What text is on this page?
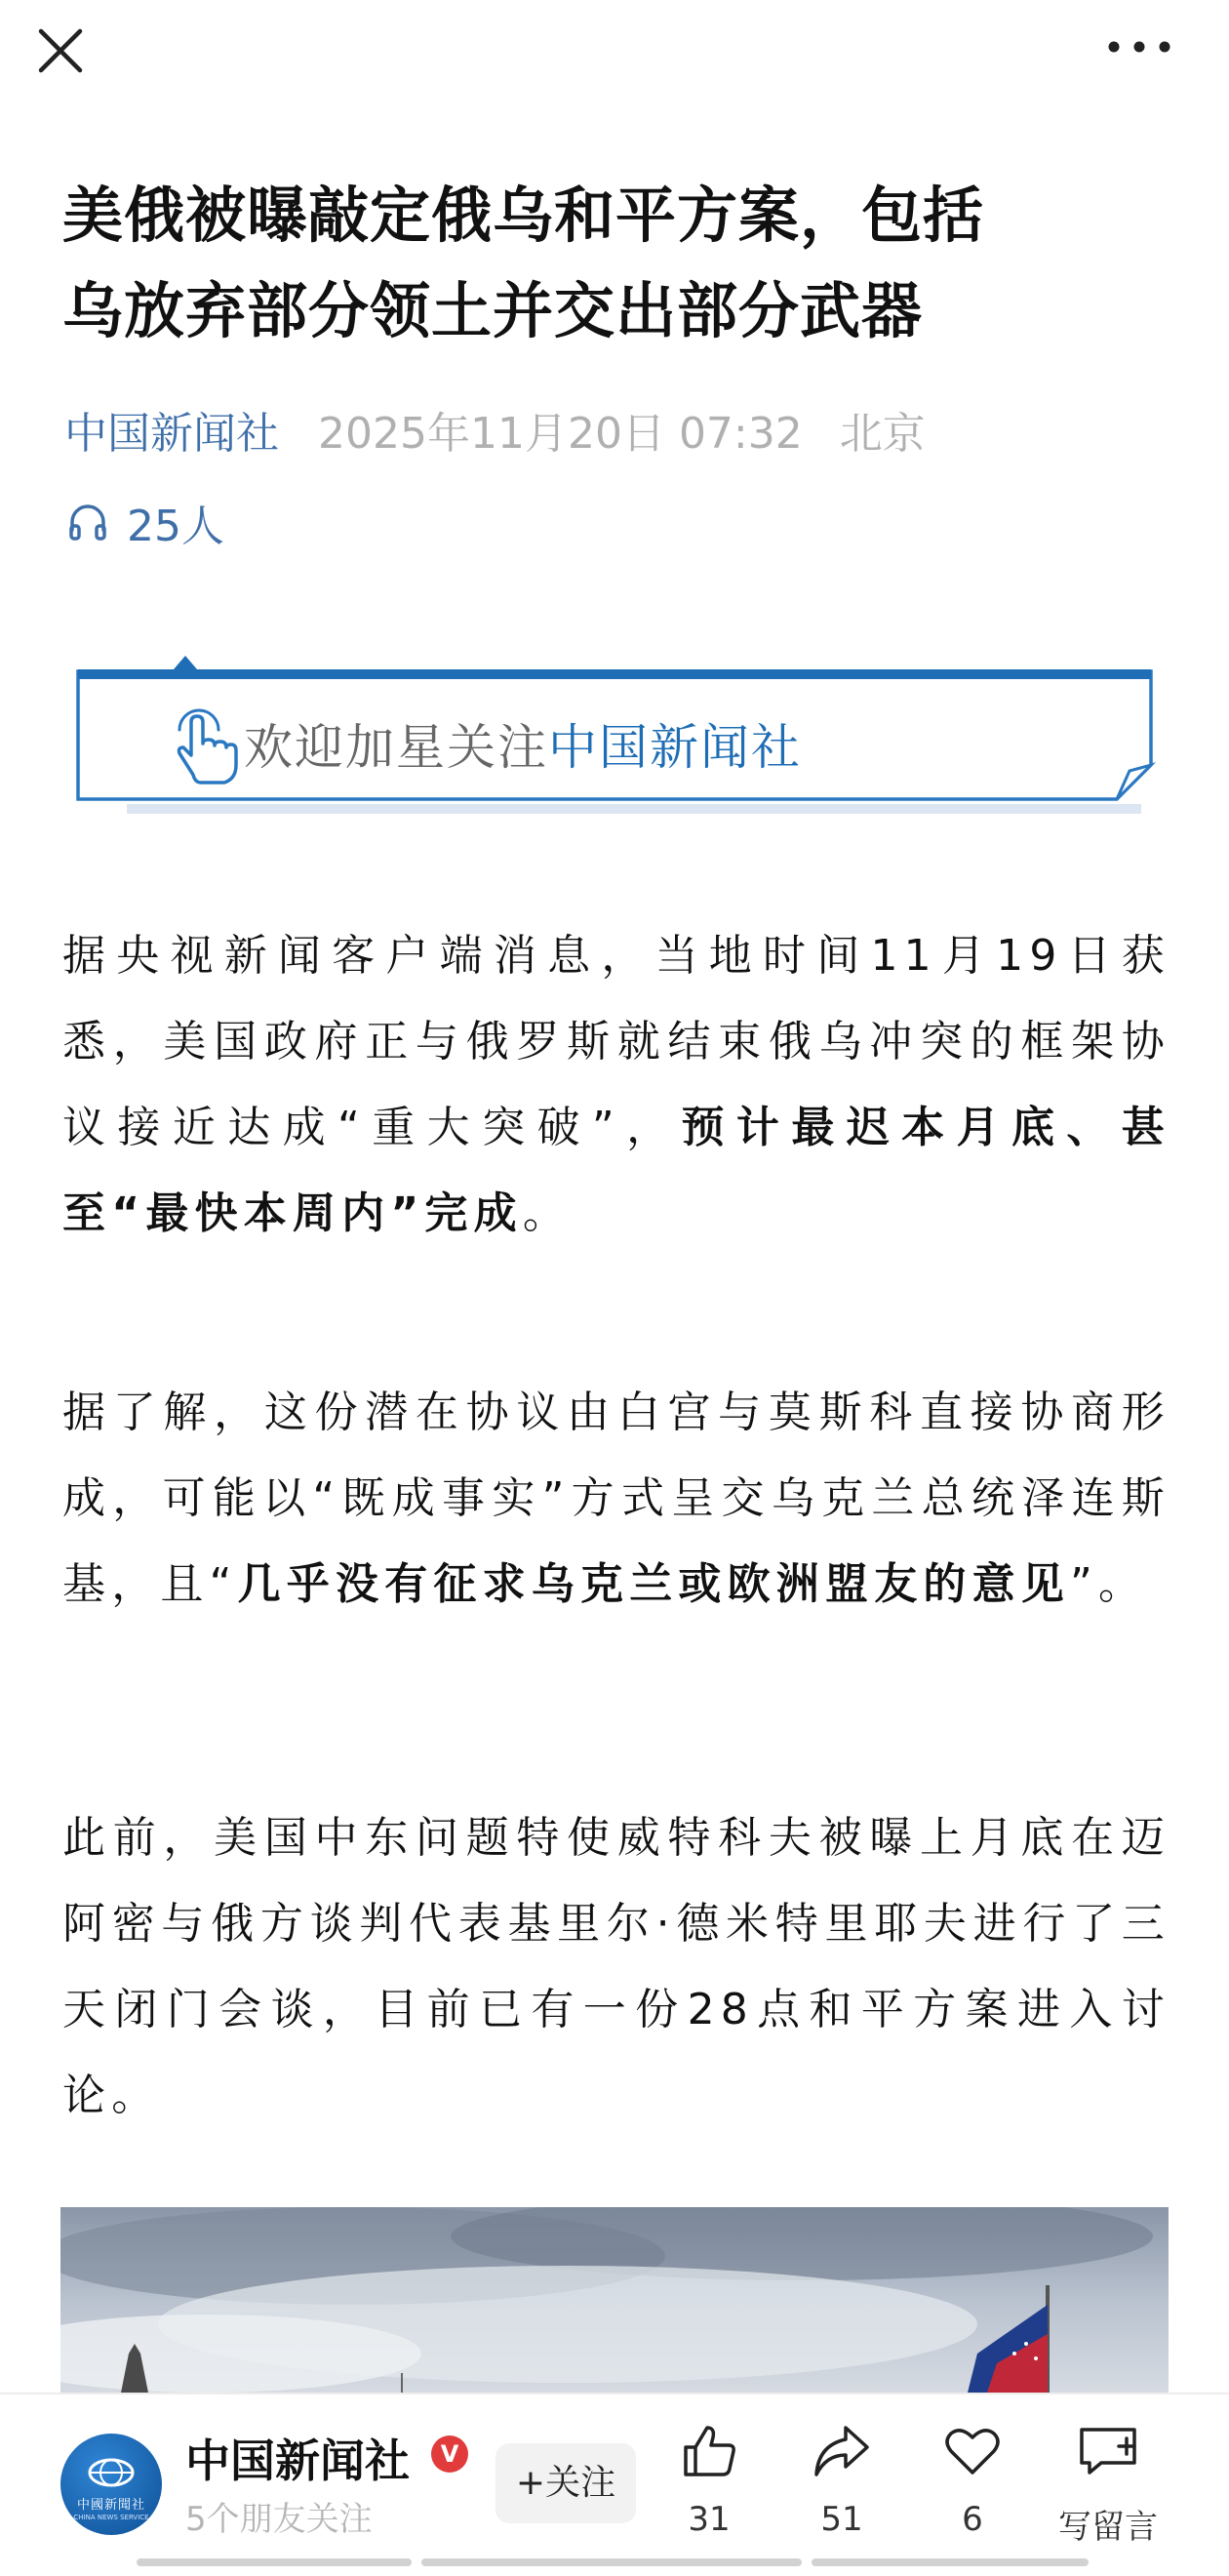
美俄被曝敲定俄乌和平方案，包括
乌放弃部分领土并交出部分武器
中国新闻社 2025年11月20日 07:32 北京
25人
欢迎加星关注中国新闻社

据央视新闻客户端消息，当地时间11月19日获悉，美国政府正与俄罗斯就结束俄乌冲突的框架协议接近达成“重大突破”，预计最迟本月底、甚至“最快本周内”完成。

据了解，这份潜在协议由白宫与莫斯科直接协商形成，可能以“既成事实”方式呈交乌克兰总统泽连斯基，且“几乎没有征求乌克兰或欧洲盟友的意见”。

此前，美国中东问题特使威特科夫被曝上月底在迈阿密与俄方谈判代表基里尔·德米特里耶夫进行了三天闭门会谈，目前已有一份28点和平方案进入讨论。

中國新聞社
CHINA NEWS SERVICE
中国新闻社	V
5个朋友关注
+关注
31	51	6	写留言
